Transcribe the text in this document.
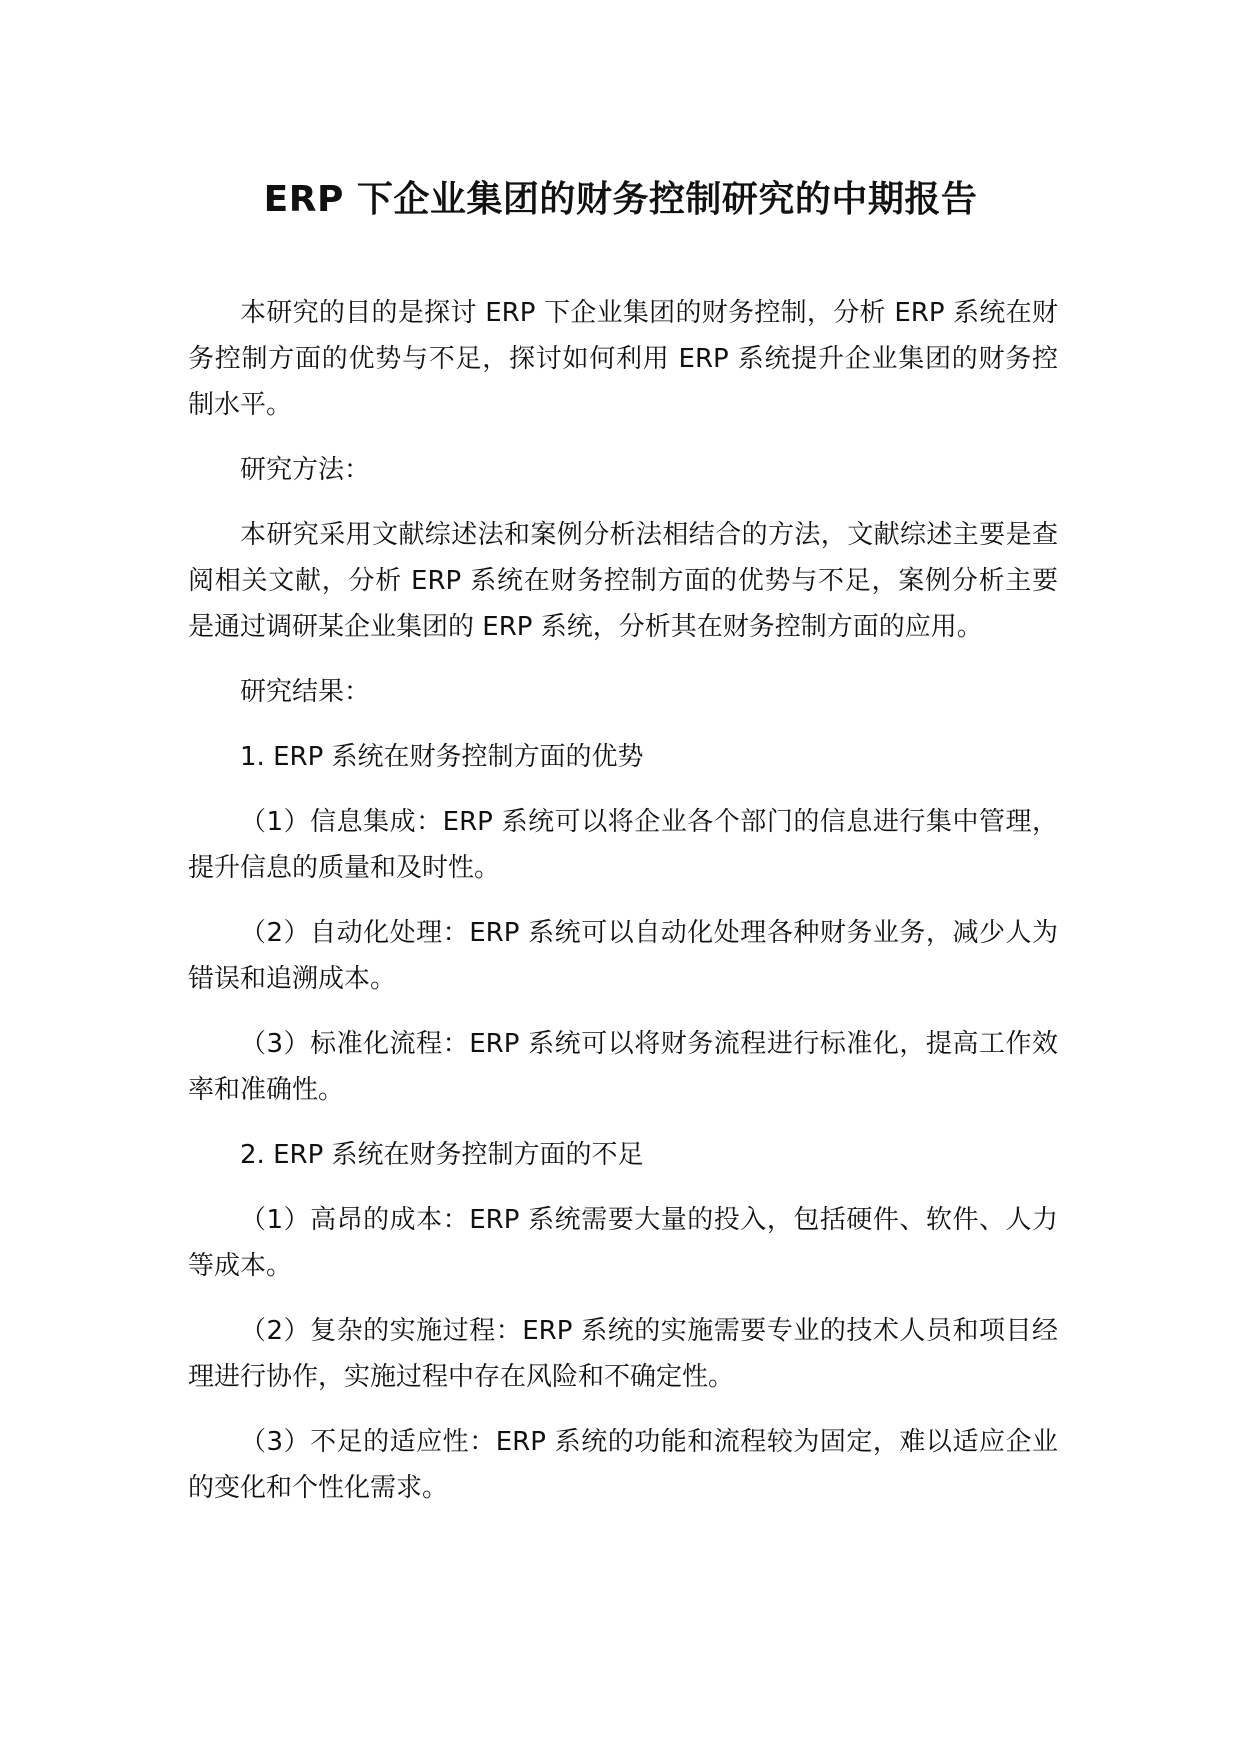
ERP 下企业集团的财务控制研究的中期报告

本研究的目的是探讨 ERP 下企业集团的财务控制，分析 ERP 系统在财务控制方面的优势与不足，探讨如何利用 ERP 系统提升企业集团的财务控制水平。

研究方法：

本研究采用文献综述法和案例分析法相结合的方法，文献综述主要是查阅相关文献，分析 ERP 系统在财务控制方面的优势与不足，案例分析主要是通过调研某企业集团的 ERP 系统，分析其在财务控制方面的应用。

研究结果：

1. ERP 系统在财务控制方面的优势

（1）信息集成：ERP 系统可以将企业各个部门的信息进行集中管理，提升信息的质量和及时性。

（2）自动化处理：ERP 系统可以自动化处理各种财务业务，减少人为错误和追溯成本。

（3）标准化流程：ERP 系统可以将财务流程进行标准化，提高工作效率和准确性。

2. ERP 系统在财务控制方面的不足

（1）高昂的成本：ERP 系统需要大量的投入，包括硬件、软件、人力等成本。

（2）复杂的实施过程：ERP 系统的实施需要专业的技术人员和项目经理进行协作，实施过程中存在风险和不确定性。

（3）不足的适应性：ERP 系统的功能和流程较为固定，难以适应企业的变化和个性化需求。
